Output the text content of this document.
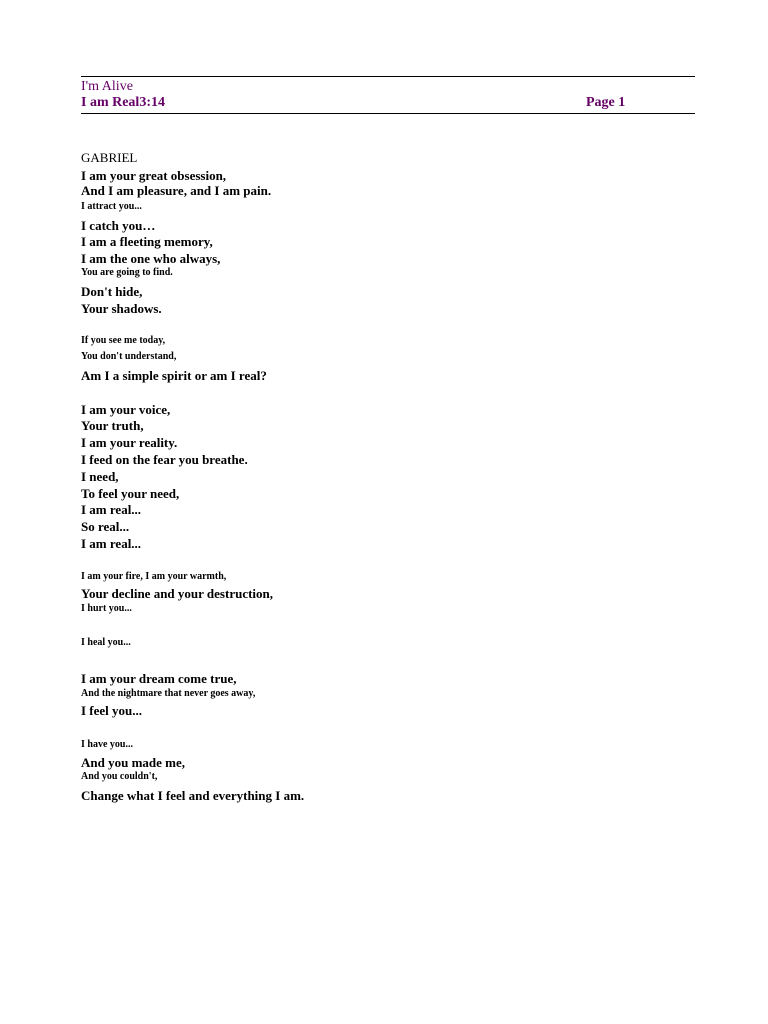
I'm Alive
I am Real3:14	Page 1
GABRIEL
I am your great obsession,
And I am pleasure, and I am pain.
I attract you...
I catch you…
I am a fleeting memory,
I am the one who always,
You are going to find.
Don't hide,
Your shadows.
If you see me today,
You don't understand,
Am I a simple spirit or am I real?
I am your voice,
Your truth,
I am your reality.
I feed on the fear you breathe.
I need,
To feel your need,
I am real...
So real...
I am real...
I am your fire, I am your warmth,
Your decline and your destruction,
I hurt you...
I heal you...
I am your dream come true,
And the nightmare that never goes away,
I feel you...
I have you...
And you made me,
And you couldn't,
Change what I feel and everything I am.
